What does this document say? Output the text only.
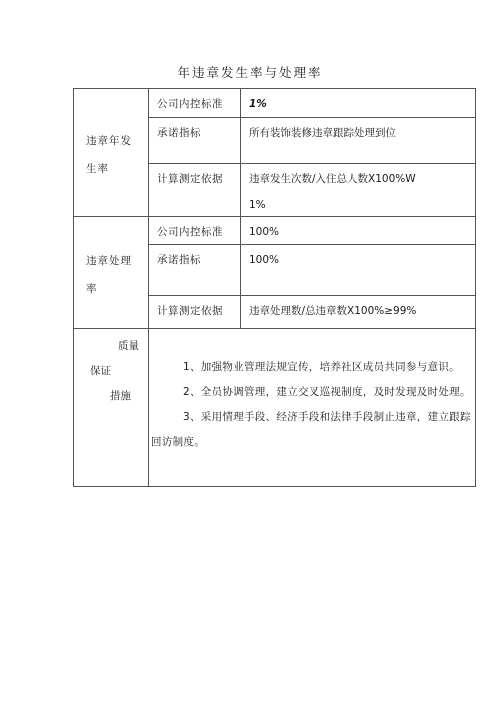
年违章发生率与处理率
违章年发
生率	公司内控标准	1%
	承诺指标	所有装饰装修违章跟踪处理到位
	计算测定依据	违章发生次数/入住总人数X100%W
1%

违章处理
率	公司内控标准	100%
	承诺指标	100%
	计算测定依据	违章处理数/总违章数X100%≥99%

质量
保证
措施	1、加强物业管理法规宣传，培养社区成员共同参与意识。
2、全员协调管理，建立交叉巡视制度，及时发现及时处理。
3、采用情理手段、经济手段和法律手段制止违章，建立跟踪回访制度。	
